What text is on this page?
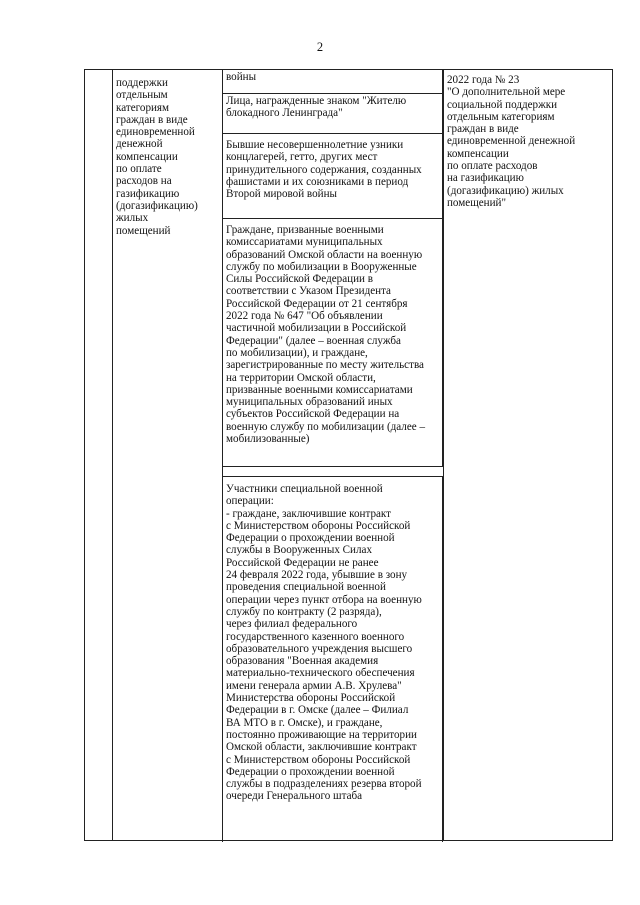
2
поддержки
отдельным
категориям
граждан в виде
единовременной
денежной
компенсации
по оплате
расходов на
газификацию
(догазификацию)
жилых
помещений
войны
Лица, награжденные знаком "Жителю
блокадного Ленинграда"
Бывшие несовершеннолетние узники
концлагерей, гетто, других мест
принудительного содержания, созданных
фашистами и их союзниками в период
Второй мировой войны
Граждане, призванные военными
комиссариатами муниципальных
образований Омской области на военную
службу по мобилизации в Вооруженные
Силы Российской Федерации в
соответствии с Указом Президента
Российской Федерации от 21 сентября
2022 года № 647 "Об объявлении
частичной мобилизации в Российской
Федерации" (далее – военная служба
по мобилизации), и граждане,
зарегистрированные по месту жительства
на территории Омской области,
призванные военными комиссариатами
муниципальных образований иных
субъектов Российской Федерации на
военную службу по мобилизации (далее –
мобилизованные)
Участники специальной военной
операции:
- граждане, заключившие контракт
с Министерством обороны Российской
Федерации о прохождении военной
службы в Вооруженных Силах
Российской Федерации не ранее
24 февраля 2022 года, убывшие в зону
проведения специальной военной
операции через пункт отбора на военную
службу по контракту (2 разряда),
через филиал федерального
государственного казенного военного
образовательного учреждения высшего
образования "Военная академия
материально-технического обеспечения
имени генерала армии А.В. Хрулева"
Министерства обороны Российской
Федерации в г. Омске (далее – Филиал
ВА МТО в г. Омске), и граждане,
постоянно проживающие на территории
Омской области, заключившие контракт
с Министерством обороны Российской
Федерации о прохождении военной
службы в подразделениях резерва второй
очереди Генерального штаба
2022 года № 23
"О дополнительной мере
социальной поддержки
отдельным категориям
граждан в виде
единовременной денежной
компенсации
по оплате расходов
на газификацию
(догазификацию) жилых
помещений"
